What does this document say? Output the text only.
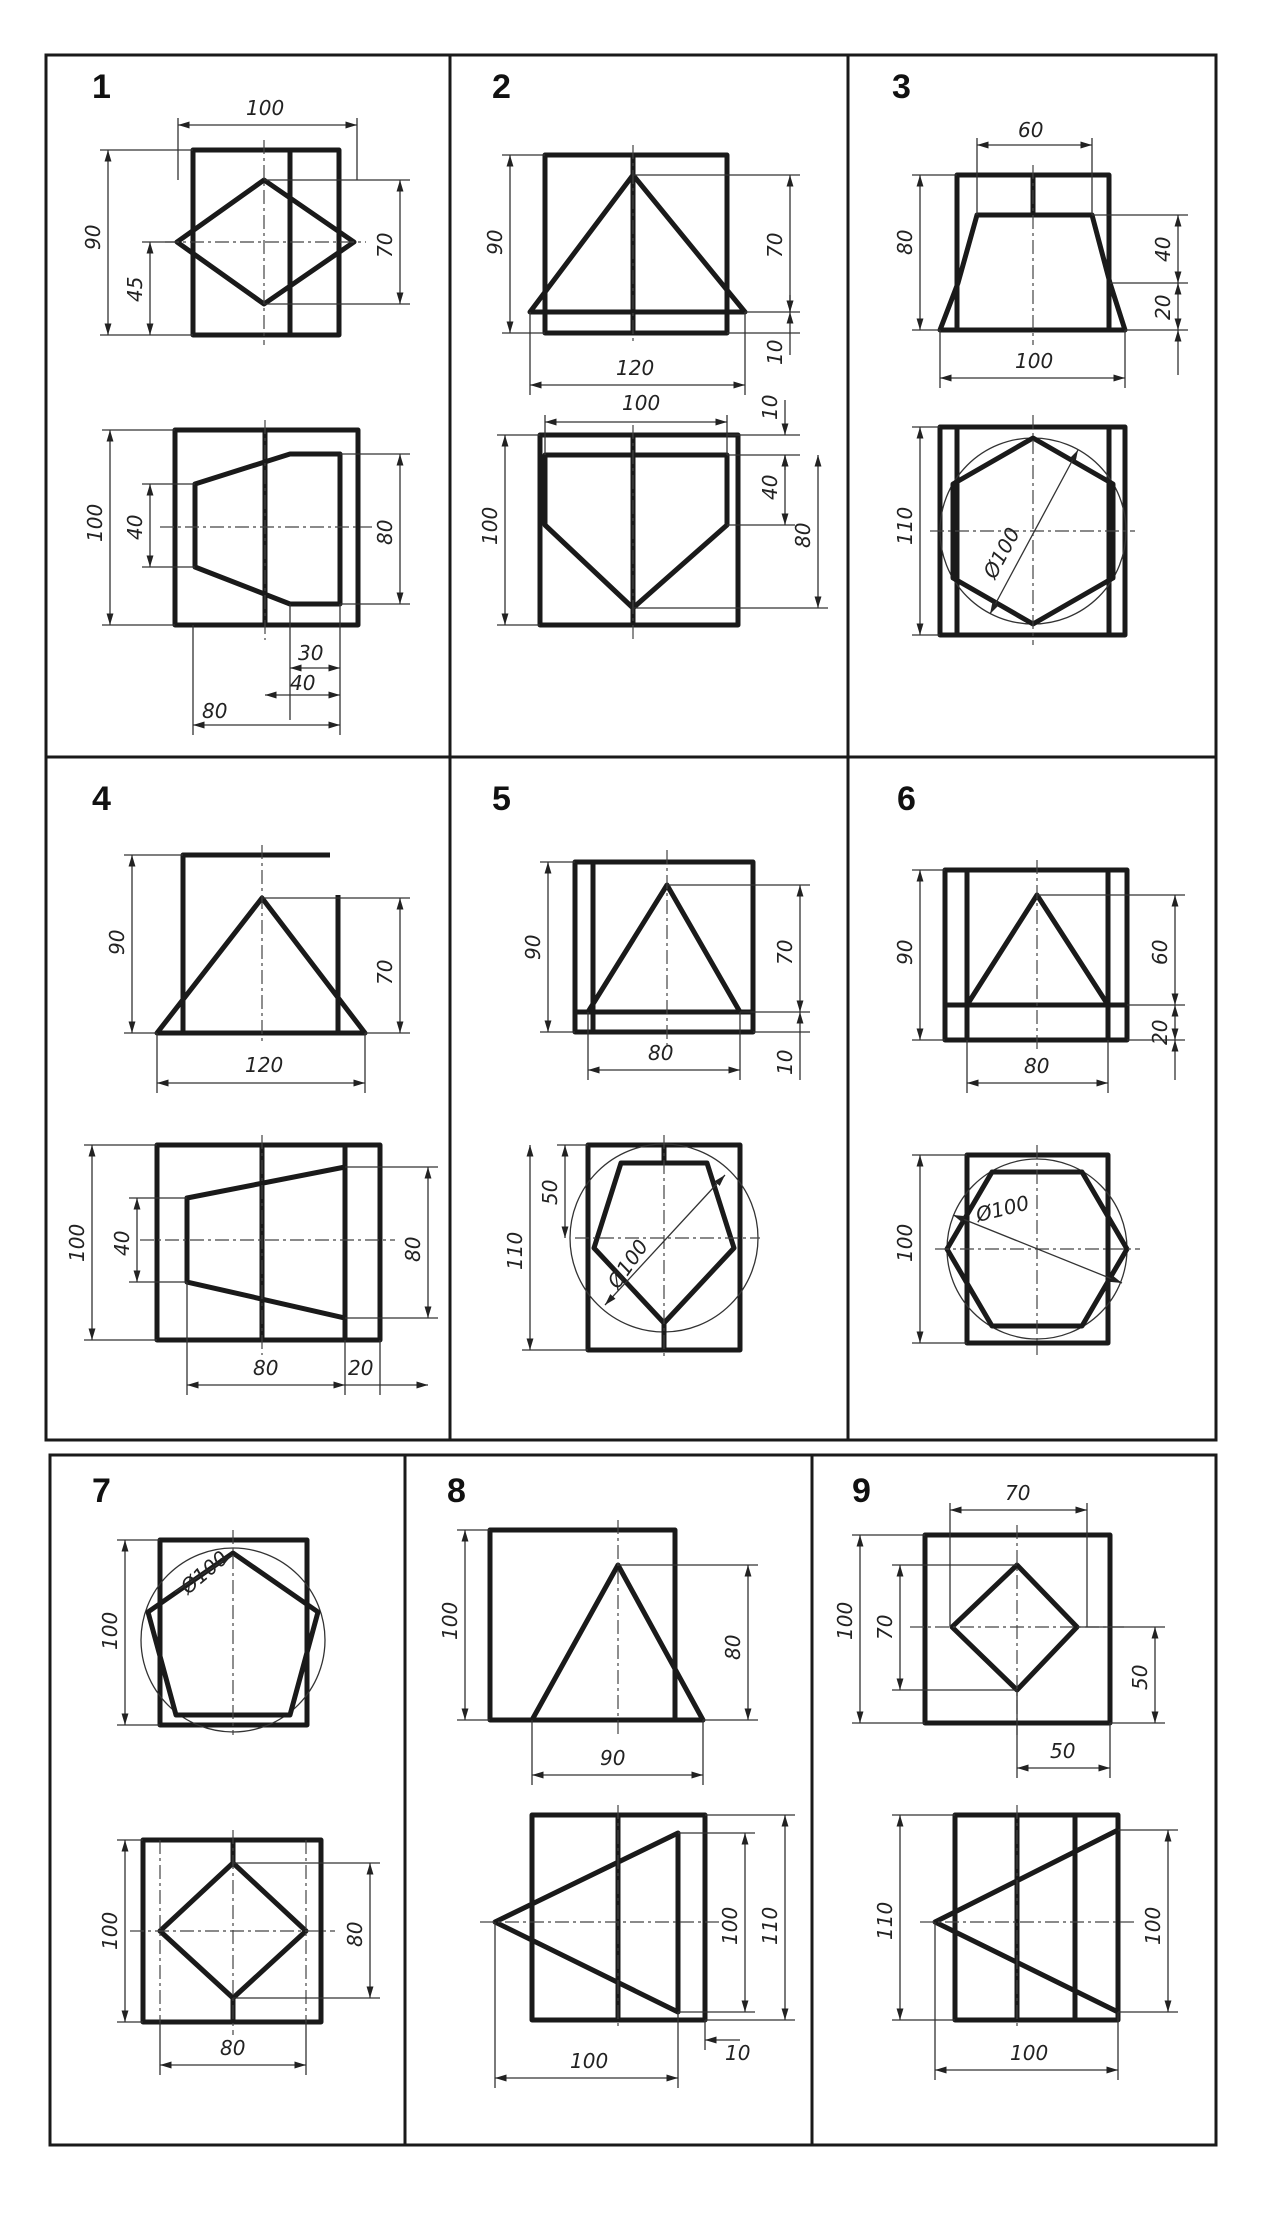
1
100
90
45
70
100 40	80
30
40
80
2
90	70
10
120
100	10
40
80
100
3
60
80	40
20
100
Ø100
110
4
90
70
120
100 40	80
80	20
5
90	70
10
80
Ø100
50
110
6
90	60
20
80
Ø100
100
7
Ø100
100
100	80
80
8
100
80
90
100 110
100	10
9	70
100 70
50
50
110	100
100
